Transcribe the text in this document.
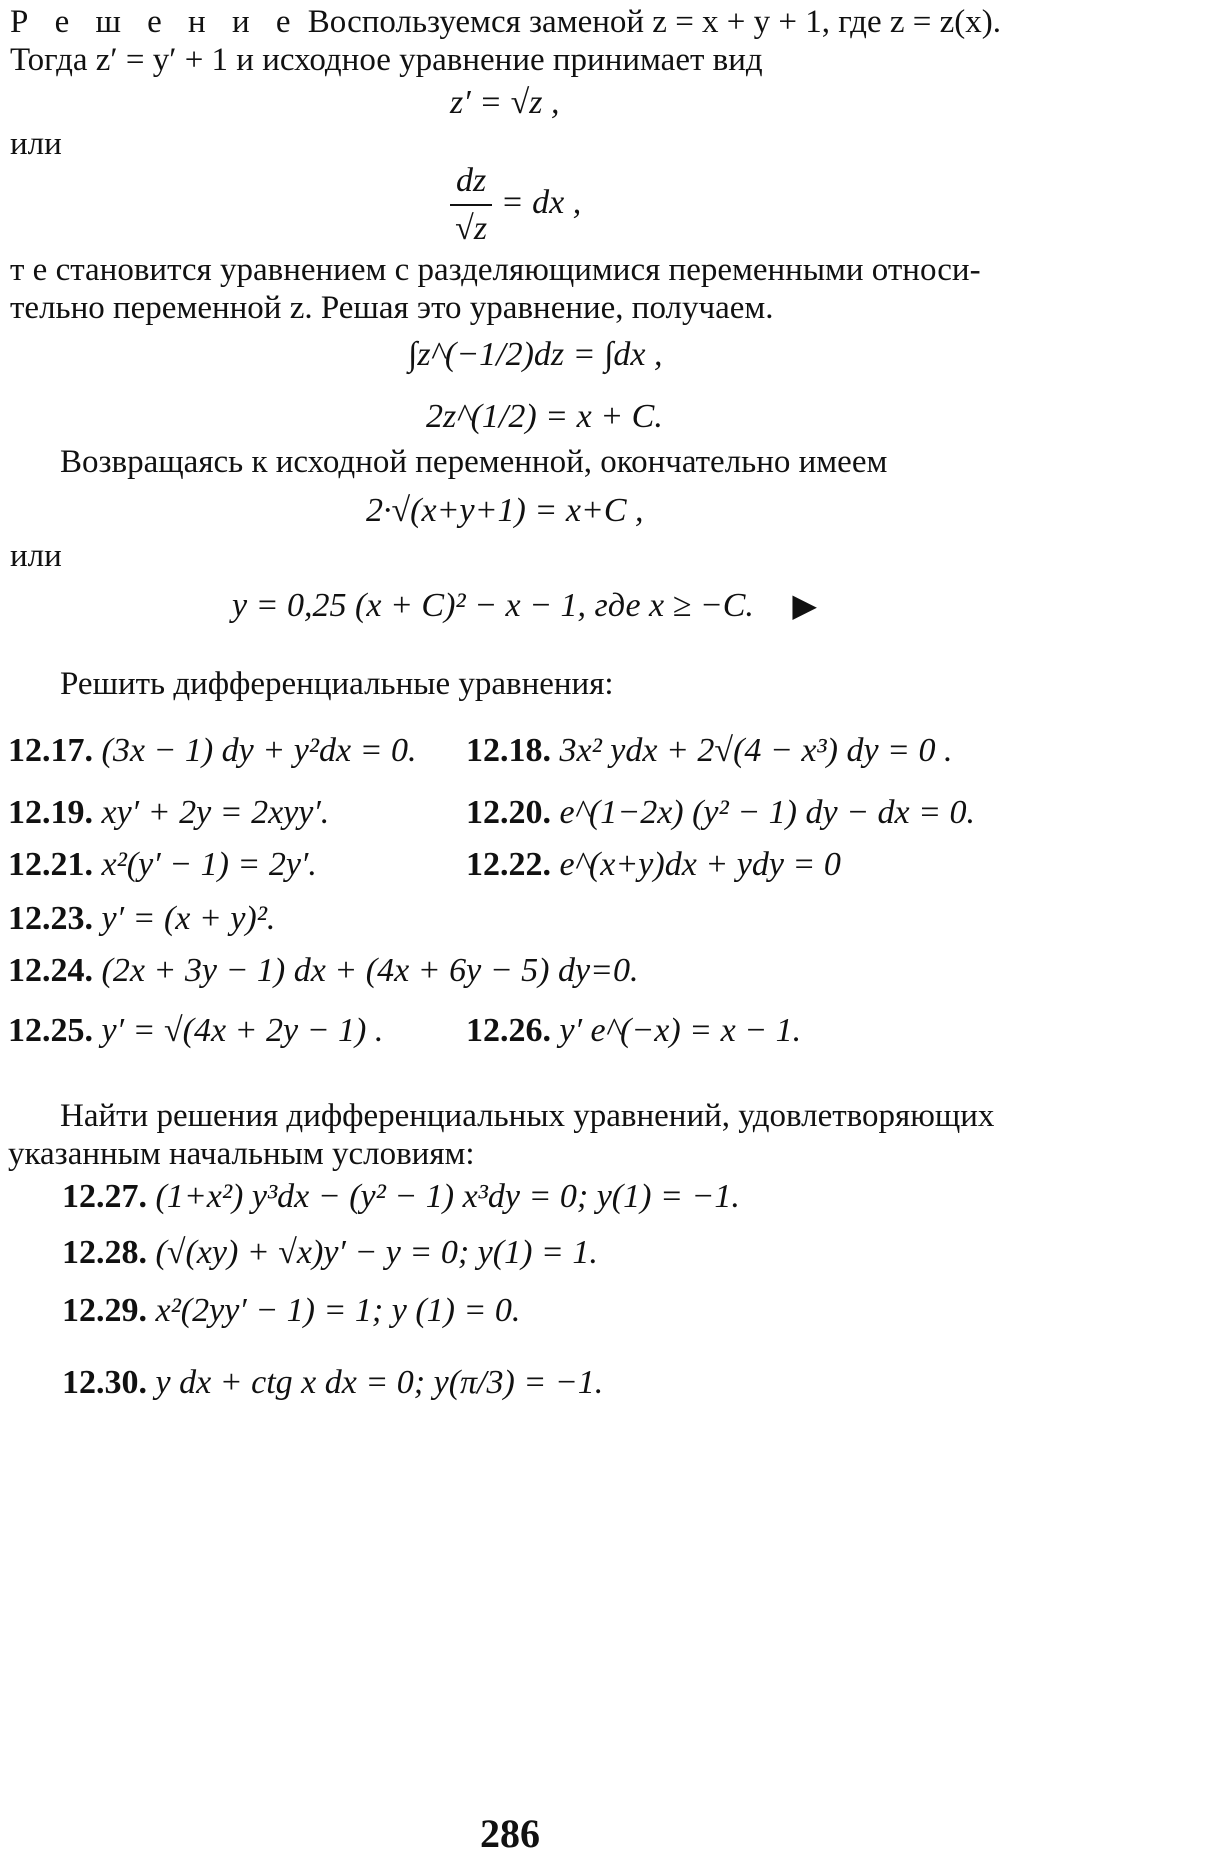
Р е ш е н и е Воспользуемся заменой z = x + y + 1, где z = z(x).
Тогда z′ = y′ + 1 и исходное уравнение принимает вид
z′ = √z ,
или
$\frac{dz}{√z}$ = dx ,
т е становится уравнением с разделяющимися переменными относи-
тельно переменной z. Решая это уравнение, получаем.
∫z^(−1/2)dz = ∫dx ,
2z^(1/2) = x + C.
Возвращаясь к исходной переменной, окончательно имеем
2·√(x+y+1) = x+C ,
или
y = 0,25 (x + C)² − x − 1, где x ≥ −C. ▶
Решить дифференциальные уравнения:
12.17. (3x − 1) dy + y²dx = 0. 12.18. 3x² ydx + 2√(4 − x³) dy = 0 .
12.19. xy′ + 2y = 2xyy′.	12.20. e^(1−2x) (y² − 1) dy − dx = 0.
12.21. x²(y′ − 1) = 2y′.	12.22. e^(x+y)dx + ydy = 0
12.23. y′ = (x + y)².
12.24. (2x + 3y − 1) dx + (4x + 6y − 5) dy=0.
12.25. y′ = √(4x + 2y − 1) . 12.26. y′ e^(−x) = x − 1.
Найти решения дифференциальных уравнений, удовлетворяющих
указанным начальным условиям:
12.27. (1+x²) y³dx − (y² − 1) x³dy = 0; y(1) = −1.
12.28. (√(xy) + √x)y′ − y = 0; y(1) = 1.
12.29. x²(2yy′ − 1) = 1; y (1) = 0.
12.30. y dx + ctg x dx = 0; y(π/3) = −1.
286
